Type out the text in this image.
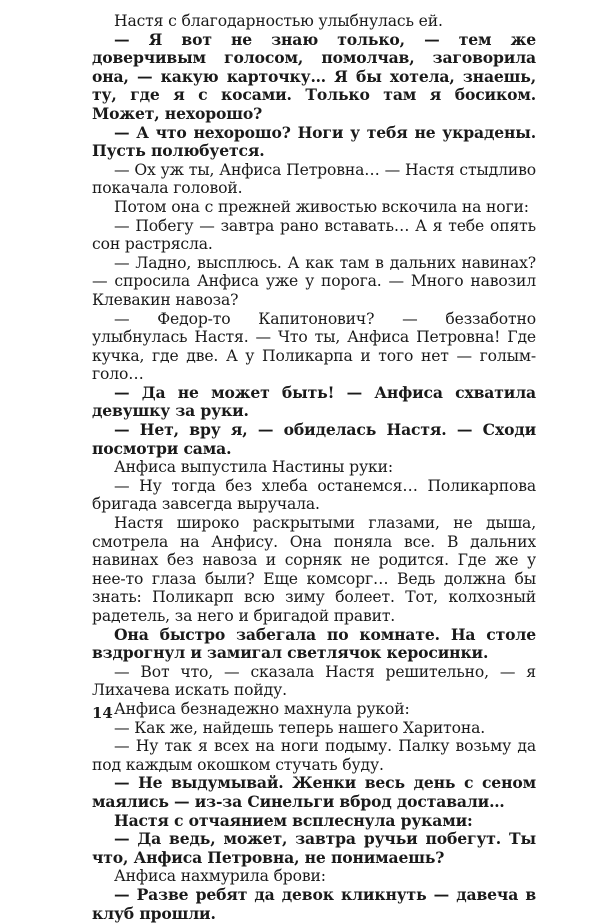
Настя с благодарностью улыбнулась ей.

— Я вот не знаю только, — тем же доверчивым голосом, помолчав, заговорила она, — какую карточку… Я бы хотела, знаешь, ту, где я с косами. Только там я босиком. Может, нехорошо?

— А что нехорошо? Ноги у тебя не украдены. Пусть полюбуется.

— Ох уж ты, Анфиса Петровна… — Настя стыдливо покачала головой.

Потом она с прежней живостью вскочила на ноги:

— Побегу — завтра рано вставать… А я тебе опять сон растрясла.

— Ладно, высплюсь. А как там в дальних навинах? — спросила Анфиса уже у порога. — Много навозил Клевакин навоза?

— Федор-то Капитонович? — беззаботно улыбнулась Настя. — Что ты, Анфиса Петровна! Где кучка, где две. А у Поликарпа и того нет — голым-голо…

— Да не может быть! — Анфиса схватила девушку за руки.

— Нет, вру я, — обиделась Настя. — Сходи посмотри сама.

Анфиса выпустила Настины руки:

— Ну тогда без хлеба останемся… Поликарпова бригада завсегда выручала.

Настя широко раскрытыми глазами, не дыша, смотрела на Анфису. Она поняла все. В дальних навинах без навоза и сорняк не родится. Где же у нее-то глаза были? Еще комсорг… Ведь должна бы знать: Поликарп всю зиму болеет. Тот, колхозный радетель, за него и бригадой правит.

Она быстро забегала по комнате. На столе вздрогнул и замигал светлячок керосинки.

— Вот что, — сказала Настя решительно, — я Лихачева искать пойду.

Анфиса безнадежно махнула рукой:

— Как же, найдешь теперь нашего Харитона.

— Ну так я всех на ноги подыму. Палку возьму да под каждым окошком стучать буду.

— Не выдумывай. Женки весь день с сеном маялись — из-за Синельги вброд доставали…

Настя с отчаянием всплеснула руками:

— Да ведь, может, завтра ручьи побегут. Ты что, Анфиса Петровна, не понимаешь?

Анфиса нахмурила брови:

— Разве ребят да девок кликнуть — давеча в клуб прошли.

14
